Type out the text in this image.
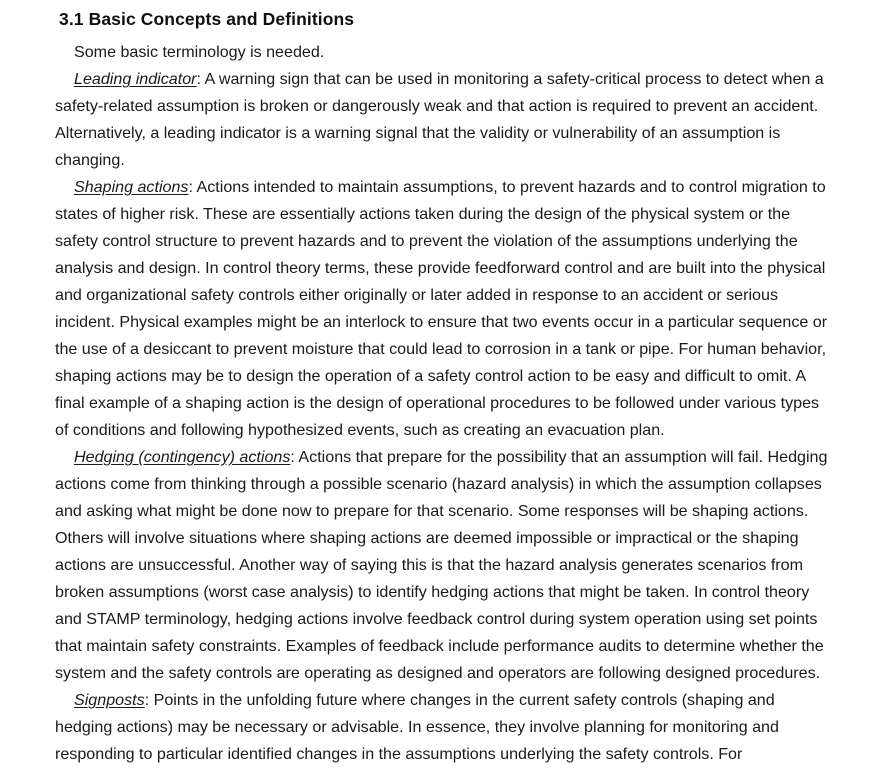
3.1 Basic Concepts and Definitions

Some basic terminology is needed.

Leading indicator: A warning sign that can be used in monitoring a safety-critical process to detect when a safety-related assumption is broken or dangerously weak and that action is required to prevent an accident. Alternatively, a leading indicator is a warning signal that the validity or vulnerability of an assumption is changing.

Shaping actions: Actions intended to maintain assumptions, to prevent hazards and to control migration to states of higher risk. These are essentially actions taken during the design of the physical system or the safety control structure to prevent hazards and to prevent the violation of the assumptions underlying the analysis and design. In control theory terms, these provide feedforward control and are built into the physical and organizational safety controls either originally or later added in response to an accident or serious incident. Physical examples might be an interlock to ensure that two events occur in a particular sequence or the use of a desiccant to prevent moisture that could lead to corrosion in a tank or pipe. For human behavior, shaping actions may be to design the operation of a safety control action to be easy and difficult to omit. A final example of a shaping action is the design of operational procedures to be followed under various types of conditions and following hypothesized events, such as creating an evacuation plan.

Hedging (contingency) actions: Actions that prepare for the possibility that an assumption will fail. Hedging actions come from thinking through a possible scenario (hazard analysis) in which the assumption collapses and asking what might be done now to prepare for that scenario. Some responses will be shaping actions. Others will involve situations where shaping actions are deemed impossible or impractical or the shaping actions are unsuccessful. Another way of saying this is that the hazard analysis generates scenarios from broken assumptions (worst case analysis) to identify hedging actions that might be taken. In control theory and STAMP terminology, hedging actions involve feedback control during system operation using set points that maintain safety constraints. Examples of feedback include performance audits to determine whether the system and the safety controls are operating as designed and operators are following designed procedures.

Signposts: Points in the unfolding future where changes in the current safety controls (shaping and hedging actions) may be necessary or advisable. In essence, they involve planning for monitoring and responding to particular identified changes in the assumptions underlying the safety controls. For
